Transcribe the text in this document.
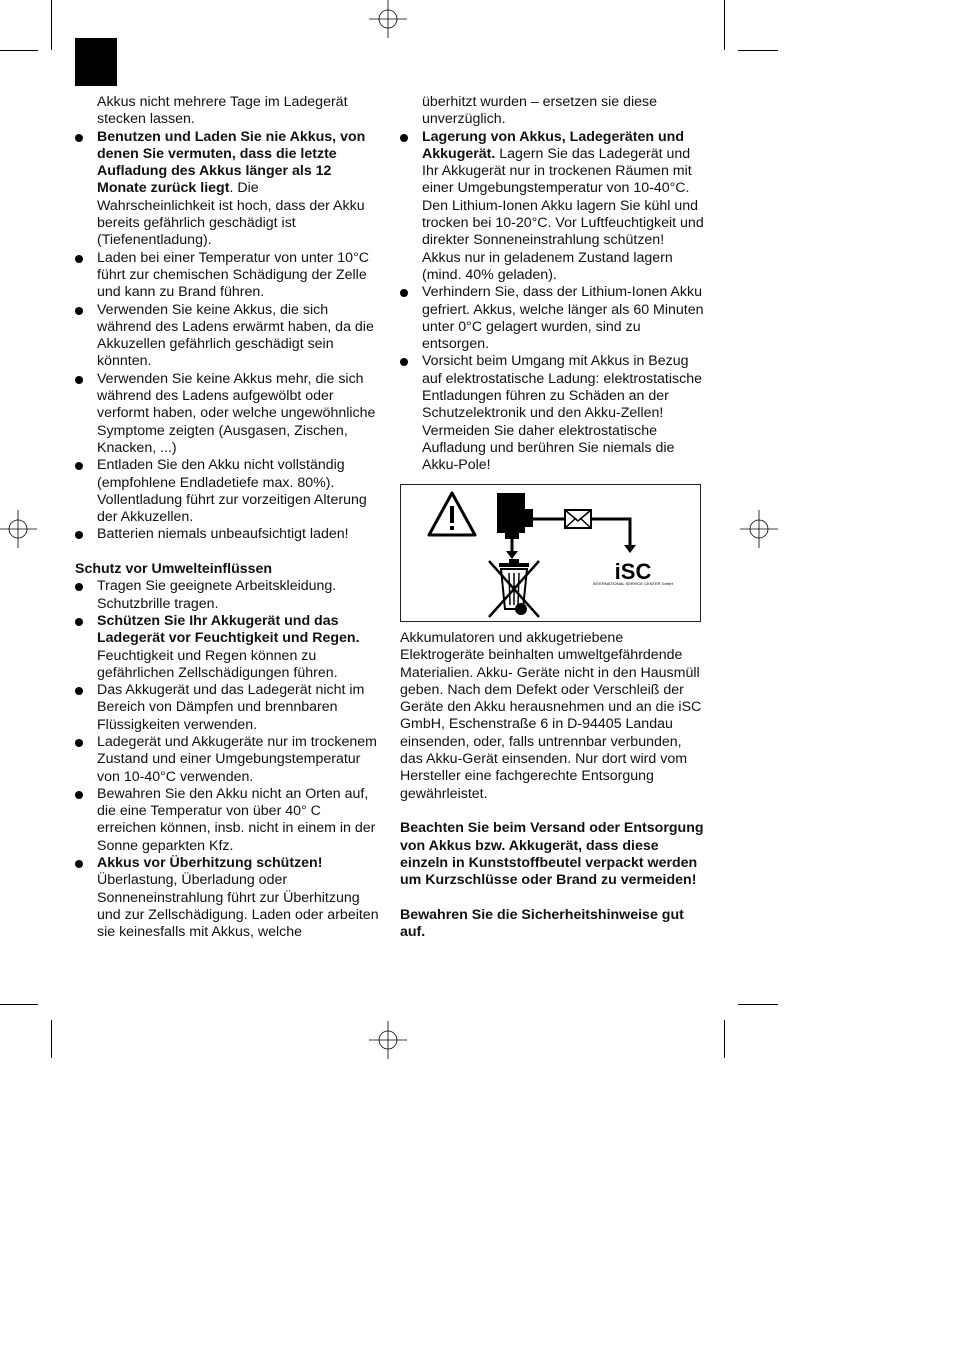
Akkus nicht mehrere Tage im Ladegerät stecken lassen.

Benutzen und Laden Sie nie Akkus, von denen Sie vermuten, dass die letzte Aufladung des Akkus länger als 12 Monate zurück liegt. Die Wahrscheinlichkeit ist hoch, dass der Akku bereits gefährlich geschädigt ist (Tiefenentladung).
Laden bei einer Temperatur von unter 10°C führt zur chemischen Schädigung der Zelle und kann zu Brand führen.
Verwenden Sie keine Akkus, die sich während des Ladens erwärmt haben, da die Akkuzellen gefährlich geschädigt sein könnten.
Verwenden Sie keine Akkus mehr, die sich während des Ladens aufgewölbt oder verformt haben, oder welche ungewöhnliche Symptome zeigten (Ausgasen, Zischen, Knacken, ...)
Entladen Sie den Akku nicht vollständig (empfohlene Endladetiefe max. 80%). Vollentladung führt zur vorzeitigen Alterung der Akkuzellen.
Batterien niemals unbeaufsichtigt laden!

Schutz vor Umwelteinflüssen

Tragen Sie geeignete Arbeitskleidung. Schutzbrille tragen.
Schützen Sie Ihr Akkugerät und das Ladegerät vor Feuchtigkeit und Regen. Feuchtigkeit und Regen können zu gefährlichen Zellschädigungen führen.
Das Akkugerät und das Ladegerät nicht im Bereich von Dämpfen und brennbaren Flüssigkeiten verwenden.
Ladegerät und Akkugeräte nur im trockenem Zustand und einer Umgebungstemperatur von 10-40°C verwenden.
Bewahren Sie den Akku nicht an Orten auf, die eine Temperatur von über 40° C erreichen können, insb. nicht in einem in der Sonne geparkten Kfz.
Akkus vor Überhitzung schützen! Überlastung, Überladung oder Sonneneinstrahlung führt zur Überhitzung und zur Zellschädigung. Laden oder arbeiten sie keinesfalls mit Akkus, welche

überhitzt wurden – ersetzen sie diese unverzüglich.

Lagerung von Akkus, Ladegeräten und Akkugerät. Lagern Sie das Ladegerät und Ihr Akkugerät nur in trockenen Räumen mit einer Umgebungstemperatur von 10-40°C. Den Lithium-Ionen Akku lagern Sie kühl und trocken bei 10-20°C. Vor Luftfeuchtigkeit und direkter Sonneneinstrahlung schützen! Akkus nur in geladenem Zustand lagern (mind. 40% geladen).
Verhindern Sie, dass der Lithium-Ionen Akku gefriert. Akkus, welche länger als 60 Minuten unter 0°C gelagert wurden, sind zu entsorgen.
Vorsicht beim Umgang mit Akkus in Bezug auf elektrostatische Ladung: elektrostatische Entladungen führen zu Schäden an der Schutzelektronik und den Akku-Zellen! Vermeiden Sie daher elektrostatische Aufladung und berühren Sie niemals die Akku-Pole!
iSC
INTERNATIONAL SERVICE CENTER GmbH

Akkumulatoren und akkugetriebene Elektrogeräte beinhalten umweltgefährdende Materialien. Akku- Geräte nicht in den Hausmüll geben. Nach dem Defekt oder Verschleiß der Geräte den Akku herausnehmen und an die iSC GmbH, Eschenstraße 6 in D-94405 Landau einsenden, oder, falls untrennbar verbunden, das Akku-Gerät einsenden. Nur dort wird vom Hersteller eine fachgerechte Entsorgung gewährleistet.

Beachten Sie beim Versand oder Entsorgung von Akkus bzw. Akkugerät, dass diese einzeln in Kunststoffbeutel verpackt werden um Kurzschlüsse oder Brand zu vermeiden!

Bewahren Sie die Sicherheitshinweise gut auf.
